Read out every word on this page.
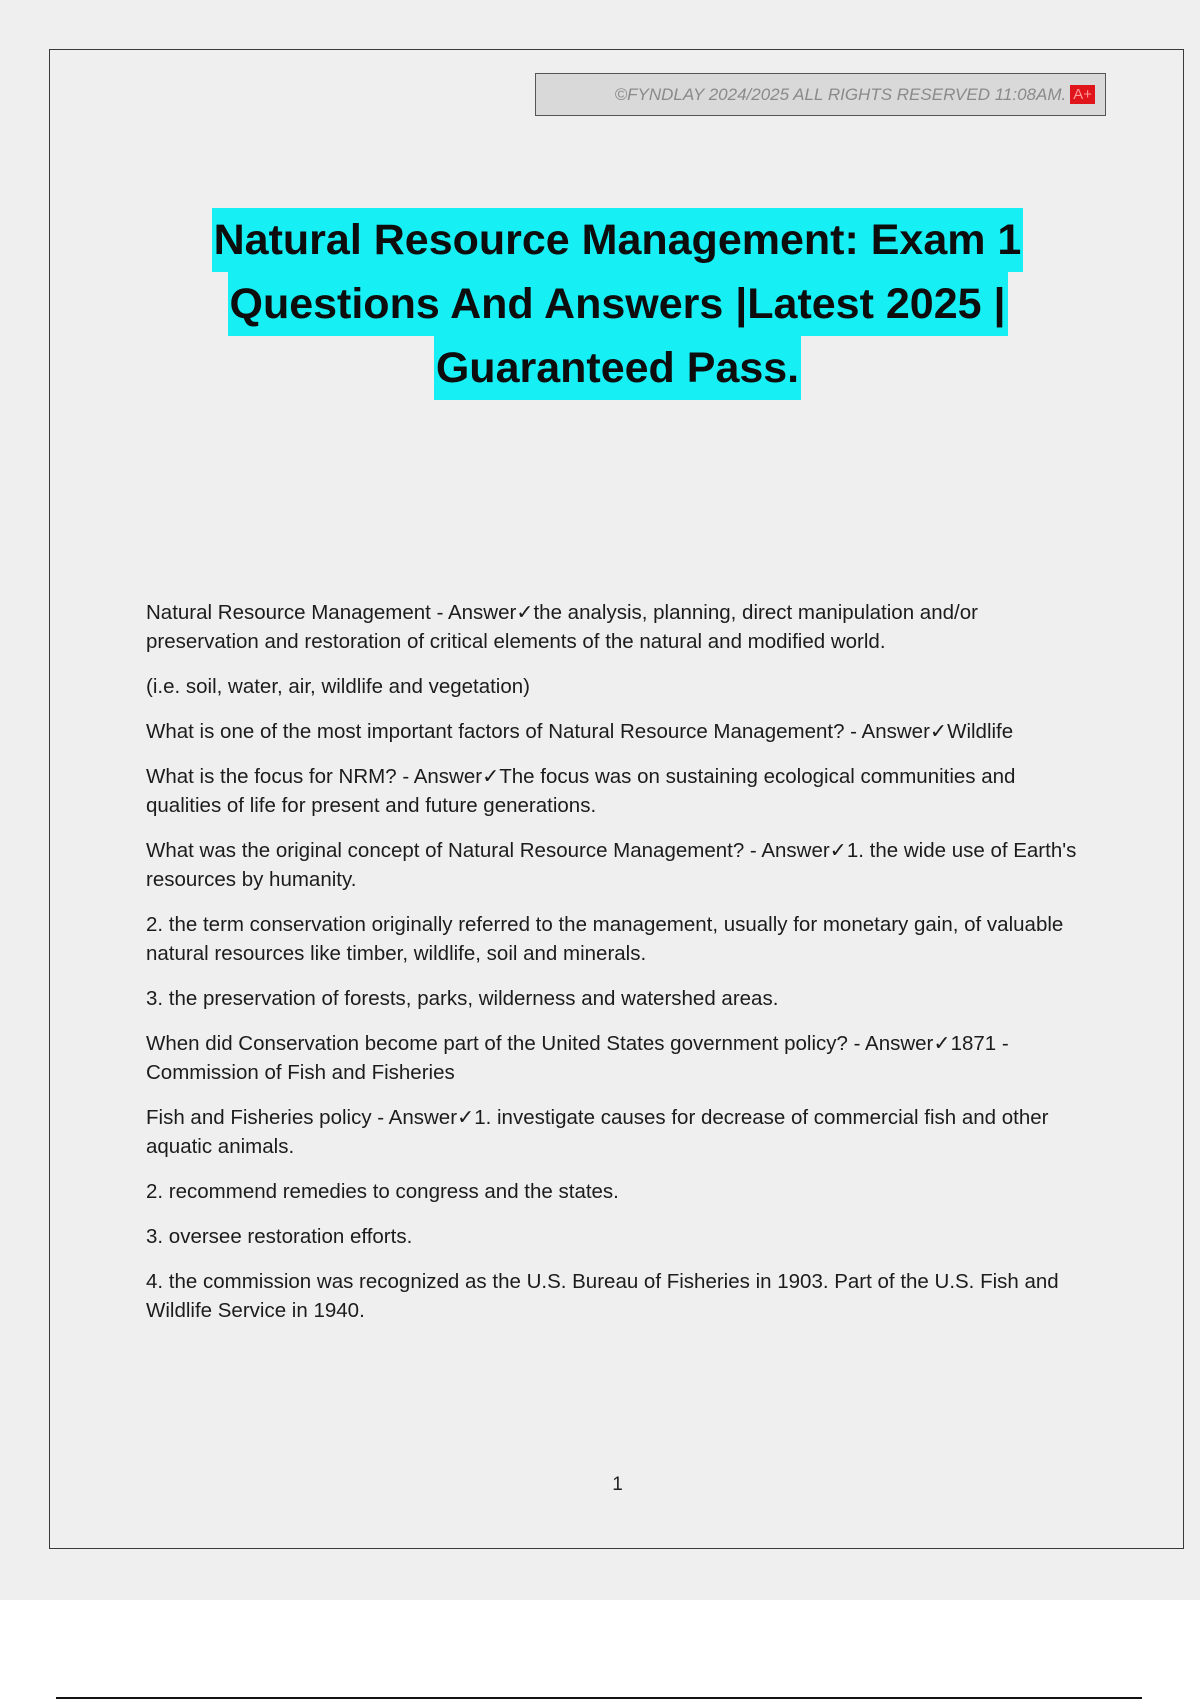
©FYNDLAY 2024/2025 ALL RIGHTS RESERVED 11:08AM. A+
Natural Resource Management: Exam 1
Questions And Answers |Latest 2025 |
Guaranteed Pass.

Natural Resource Management - Answer✓the analysis, planning, direct manipulation and/or preservation and restoration of critical elements of the natural and modified world.

(i.e. soil, water, air, wildlife and vegetation)

What is one of the most important factors of Natural Resource Management? - Answer✓Wildlife

What is the focus for NRM? - Answer✓The focus was on sustaining ecological communities and qualities of life for present and future generations.

What was the original concept of Natural Resource Management? - Answer✓1. the wide use of Earth's resources by humanity.

2. the term conservation originally referred to the management, usually for monetary gain, of valuable natural resources like timber, wildlife, soil and minerals.

3. the preservation of forests, parks, wilderness and watershed areas.

When did Conservation become part of the United States government policy? - Answer✓1871 - Commission of Fish and Fisheries

Fish and Fisheries policy - Answer✓1. investigate causes for decrease of commercial fish and other aquatic animals.

2. recommend remedies to congress and the states.

3. oversee restoration efforts.

4. the commission was recognized as the U.S. Bureau of Fisheries in 1903. Part of the U.S. Fish and Wildlife Service in 1940.

1
